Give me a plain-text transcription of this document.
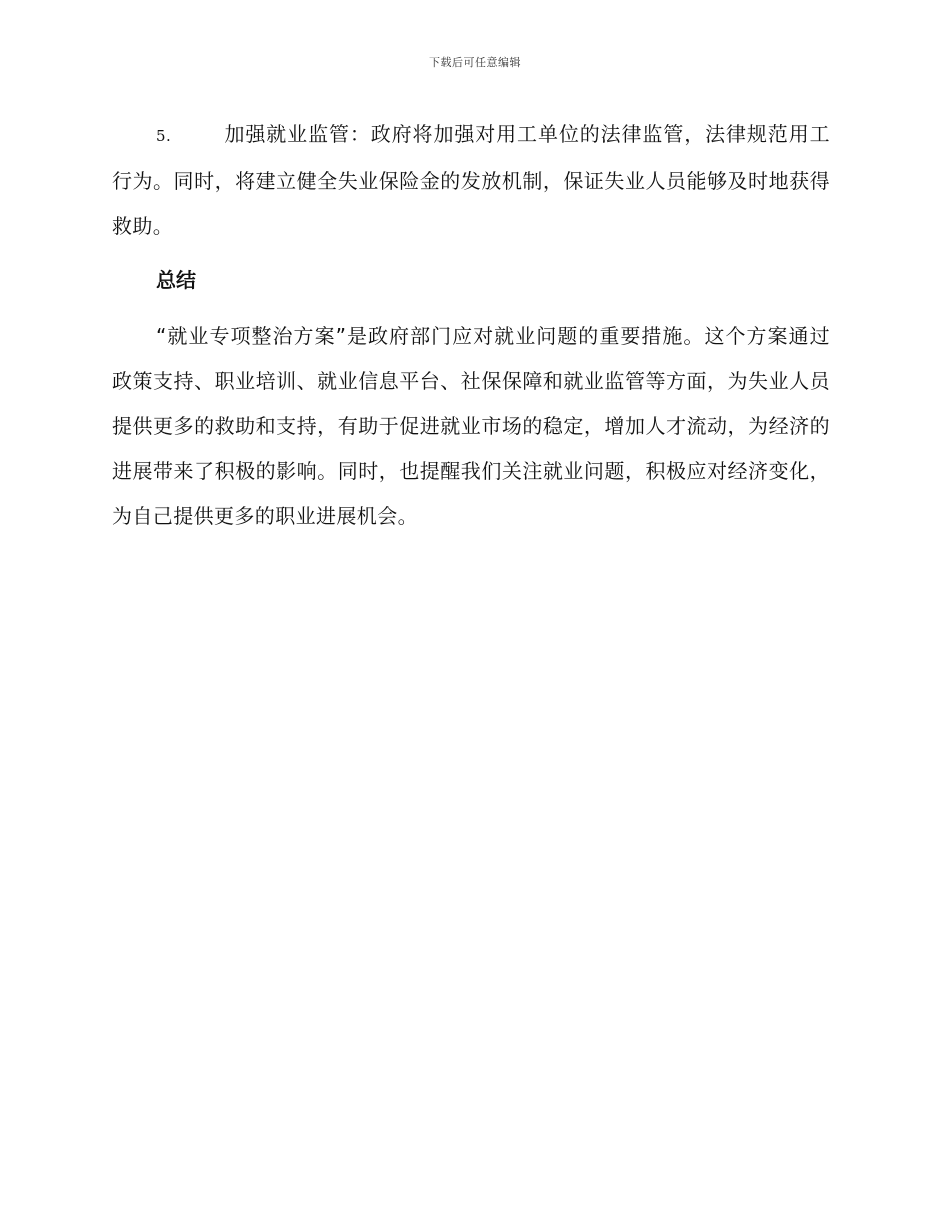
下载后可任意编辑

5.	加强就业监管：政府将加强对用工单位的法律监管，法律规范用工行为。同时，将建立健全失业保险金的发放机制，保证失业人员能够及时地获得救助。

总结

“就业专项整治方案”是政府部门应对就业问题的重要措施。这个方案通过政策支持、职业培训、就业信息平台、社保保障和就业监管等方面，为失业人员提供更多的救助和支持，有助于促进就业市场的稳定，增加人才流动，为经济的进展带来了积极的影响。同时，也提醒我们关注就业问题，积极应对经济变化，为自己提供更多的职业进展机会。
